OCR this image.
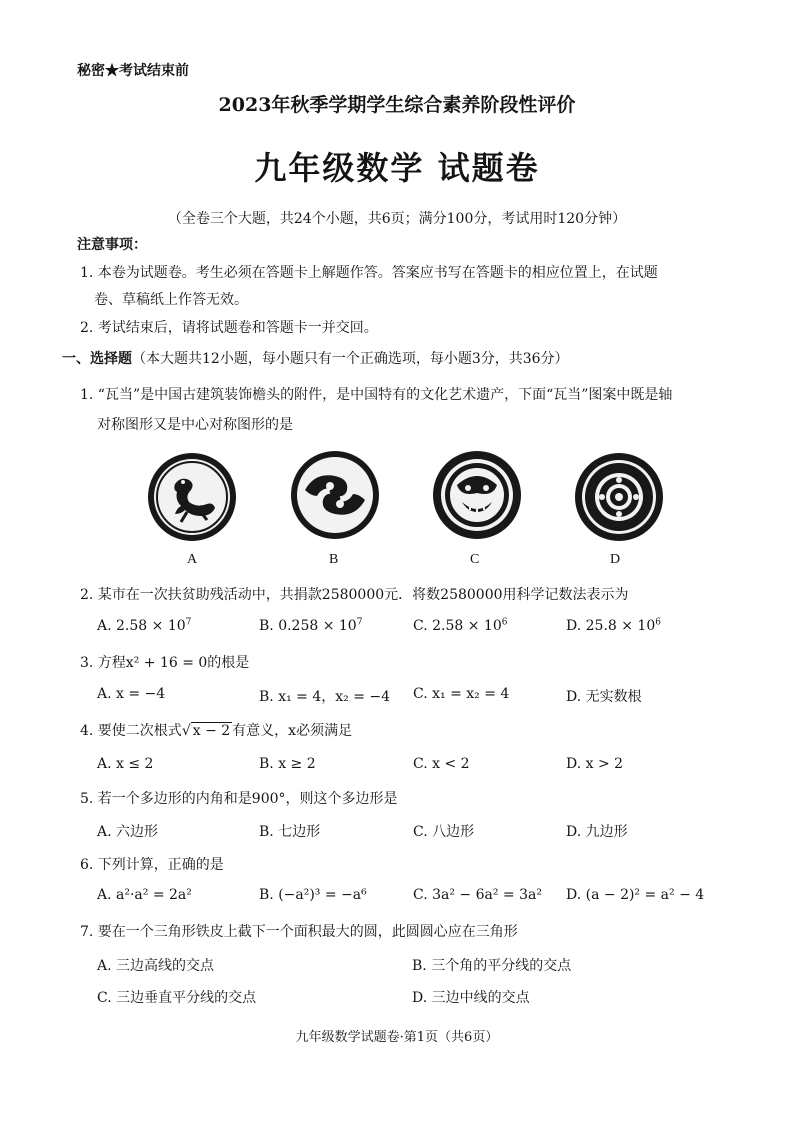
秘密★考试结束前
2023年秋季学期学生综合素养阶段性评价
九年级数学 试题卷
（全卷三个大题，共24个小题，共6页；满分100分，考试用时120分钟）
注意事项：
1. 本卷为试题卷。考生必须在答题卡上解题作答。答案应书写在答题卡的相应位置上，在试题
卷、草稿纸上作答无效。
2. 考试结束后，请将试题卷和答题卡一并交回。
一、选择题（本大题共12小题，每小题只有一个正确选项，每小题3分，共36分）
1. “瓦当”是中国古建筑装饰檐头的附件，是中国特有的文化艺术遗产，下面“瓦当”图案中既是轴
对称图形又是中心对称图形的是
A	B	C	D
2. 某市在一次扶贫助残活动中，共捐款2580000元．将数2580000用科学记数法表示为
A. $2.58 \times 10^7$	B. $0.258 \times 10^7$	C. $2.58 \times 10^6$	D. $25.8 \times 10^6$
3. 方程x² + 16 = 0的根是
A. x = −4	B. x₁ = 4，x₂ = −4 C. x₁ = x₂ = 4	D. 无实数根
4. 要使二次根式√ x − 2 有意义，x必须满足
A. x ≤ 2	B. x ≥ 2	C. x < 2	D. x > 2
5. 若一个多边形的内角和是900°，则这个多边形是
A. 六边形	B. 七边形	C. 八边形	D. 九边形
6. 下列计算，正确的是
A. a²·a² = 2a²	B. (−a²)³ = −a⁶	C. 3a² − 6a² = 3a² D. (a − 2)² = a² − 4
7. 要在一个三角形铁皮上截下一个面积最大的圆，此圆圆心应在三角形
A. 三边高线的交点	B. 三个角的平分线的交点
C. 三边垂直平分线的交点	D. 三边中线的交点
九年级数学试题卷·第1页（共6页）
